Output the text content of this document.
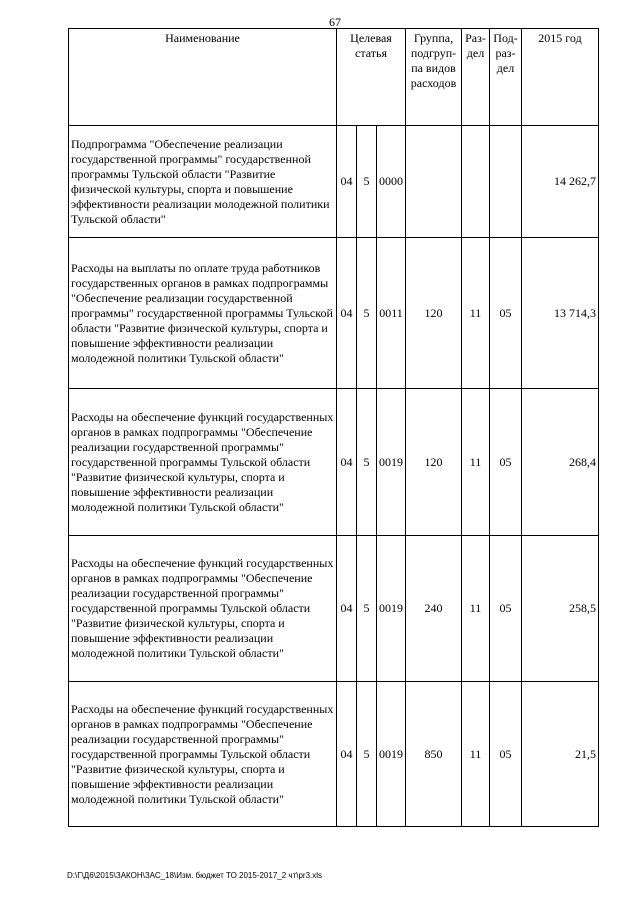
67
Наименование	Целевая статья			Группа, подгруп-па видов расходов	Раз-дел	Под-раз-дел	2015 год
Подпрограмма "Обеспечение реализации государственной программы" государственной программы Тульской области "Развитие физической культуры, спорта и повышение эффективности реализации молодежной политики Тульской области"	04	5	0000				14 262,7
Расходы на выплаты по оплате труда работников государственных органов в рамках подпрограммы "Обеспечение реализации государственной программы" государственной программы Тульской области "Развитие физической культуры, спорта и повышение эффективности реализации молодежной политики Тульской области"	04	5	0011	120	11	05	13 714,3
Расходы на обеспечение функций государственных органов в рамках подпрограммы "Обеспечение реализации государственной программы" государственной программы Тульской области "Развитие физической культуры, спорта и повышение эффективности реализации молодежной политики Тульской области"	04	5	0019	120	11	05	268,4
Расходы на обеспечение функций государственных органов в рамках подпрограммы "Обеспечение реализации государственной программы" государственной программы Тульской области "Развитие физической культуры, спорта и повышение эффективности реализации молодежной политики Тульской области"	04	5	0019	240	11	05	258,5
Расходы на обеспечение функций государственных органов в рамках подпрограммы "Обеспечение реализации государственной программы" государственной программы Тульской области "Развитие физической культуры, спорта и повышение эффективности реализации молодежной политики Тульской области"	04	5	0019	850	11	05	21,5
D:\Г\Д6\2015\ЗАКОН\ЗАС_18\Изм. бюджет ТО 2015-2017_2 чт\pr3.xls
